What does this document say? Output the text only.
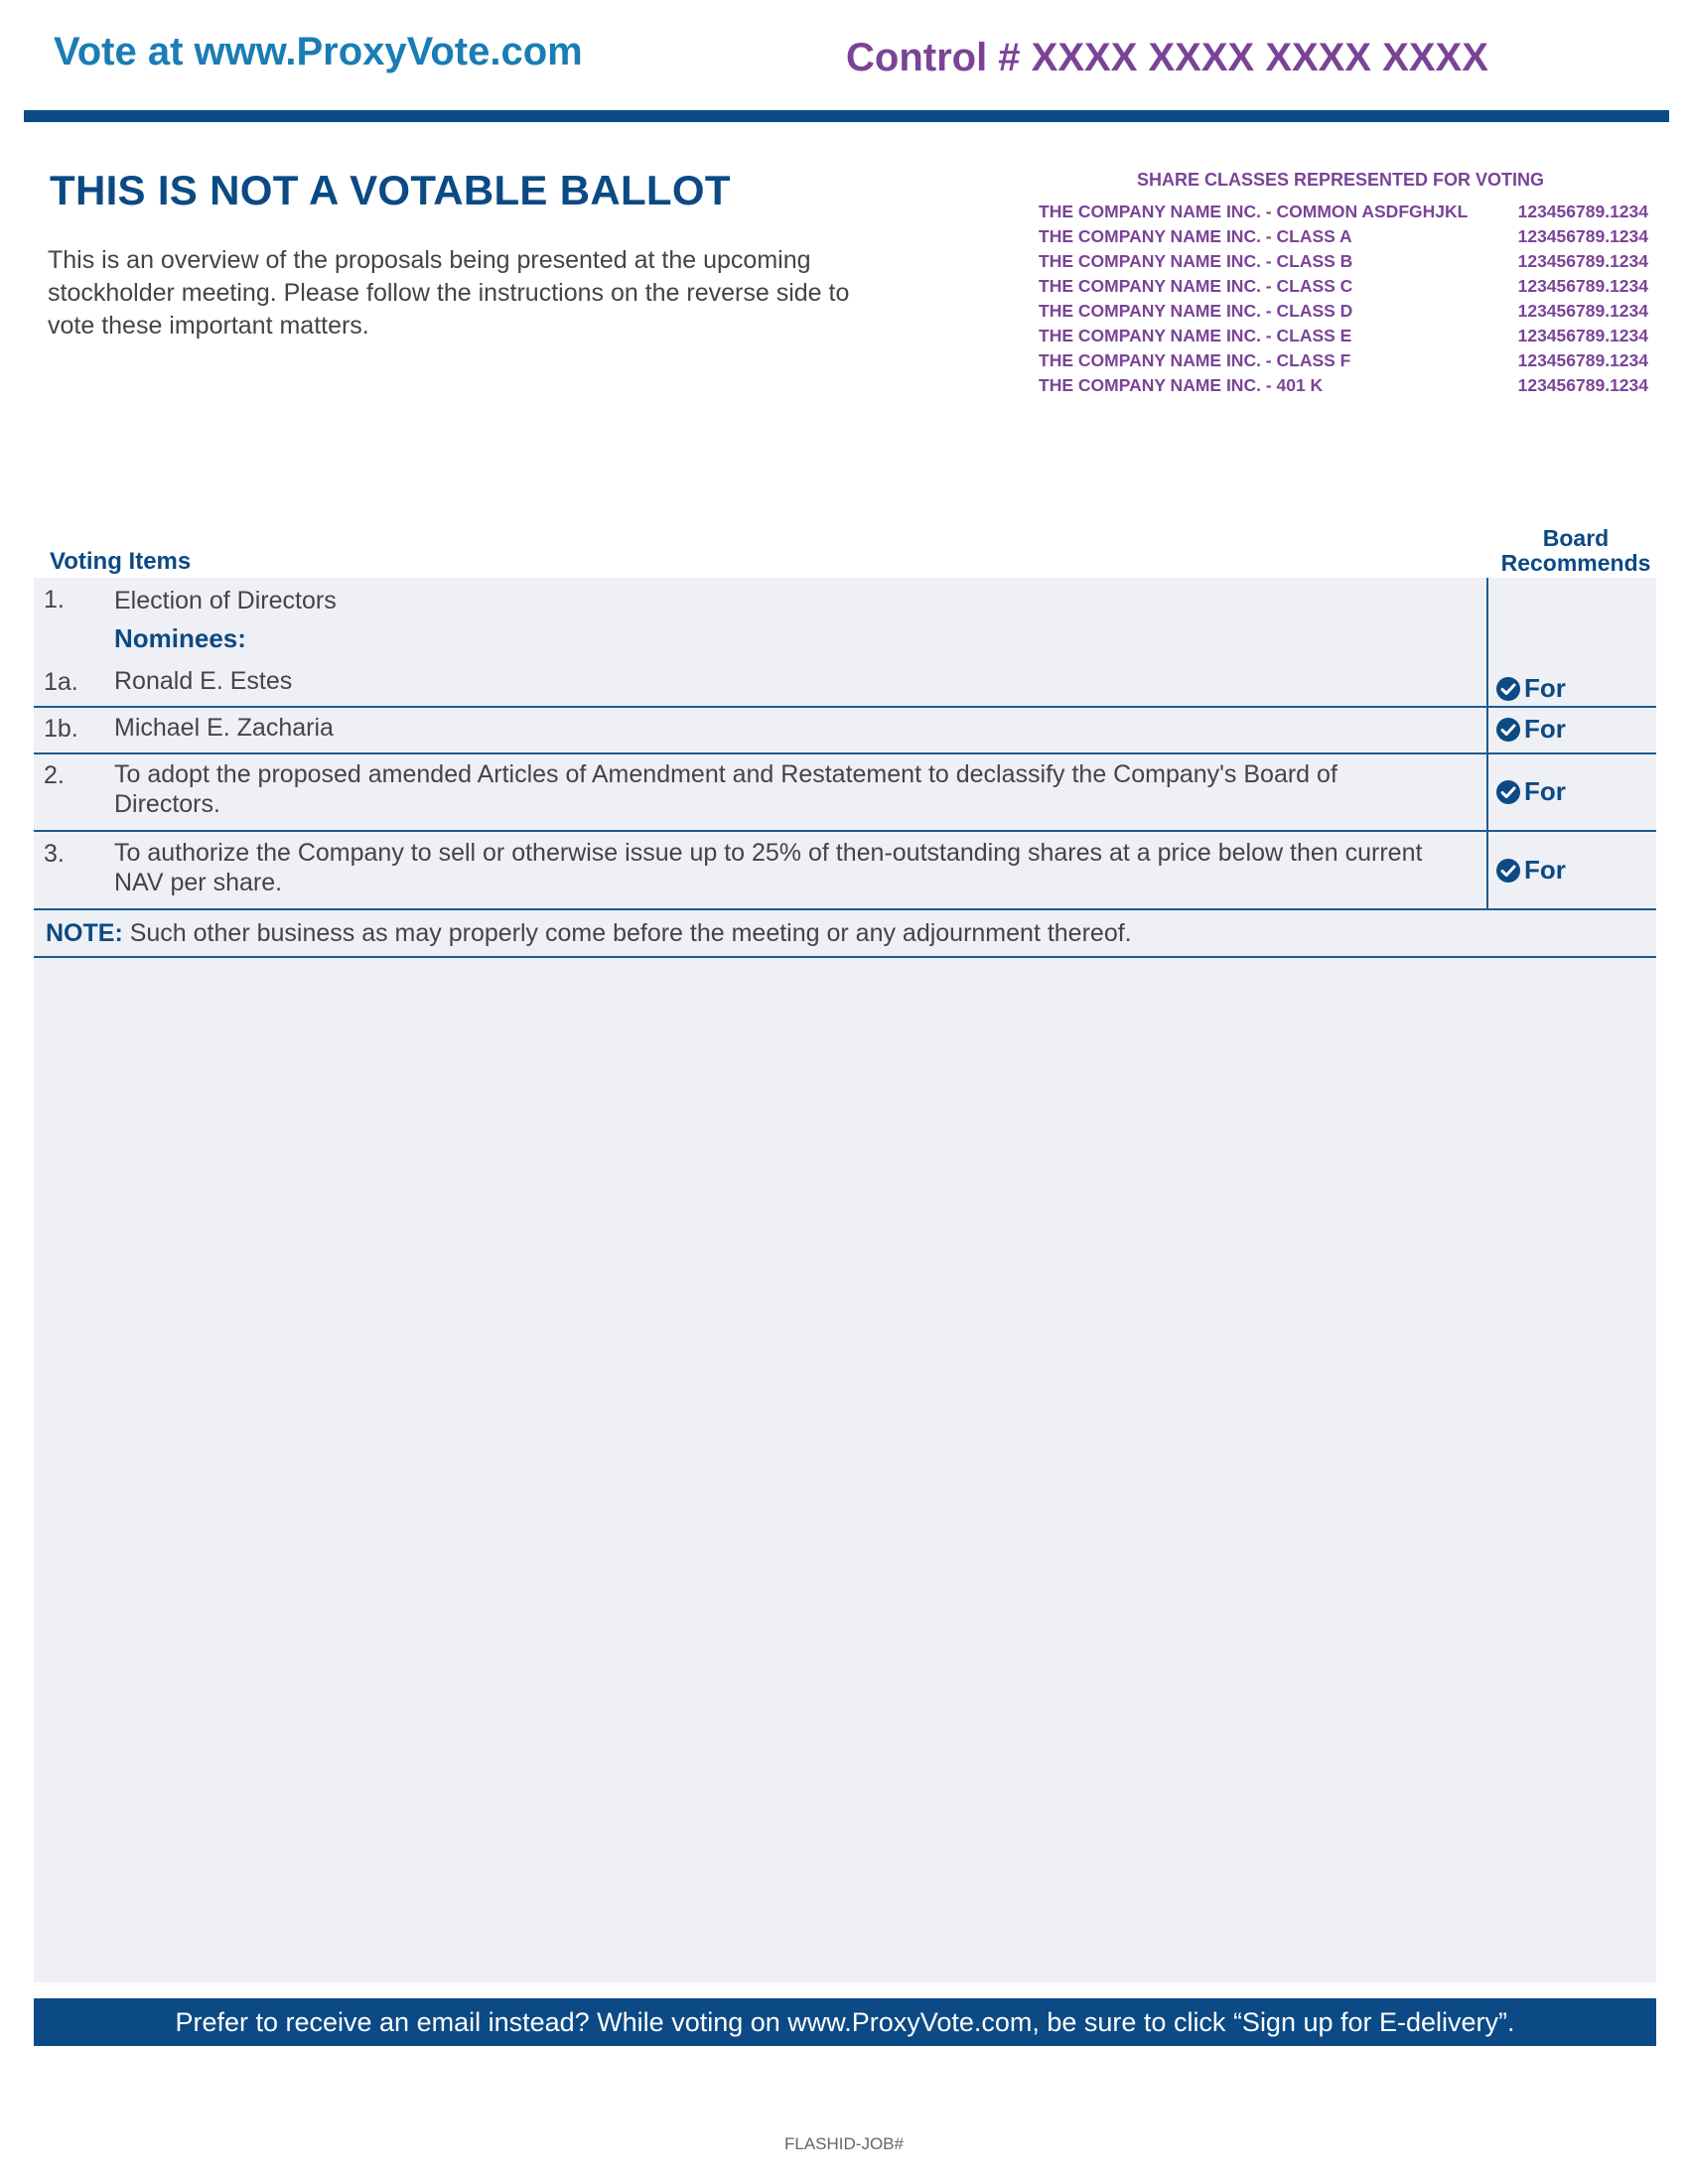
Vote at www.ProxyVote.com	Control # XXXX XXXX XXXX XXXX
THIS IS NOT A VOTABLE BALLOT
This is an overview of the proposals being presented at the upcoming stockholder meeting. Please follow the instructions on the reverse side to vote these important matters.
SHARE CLASSES REPRESENTED FOR VOTING
THE COMPANY NAME INC. - COMMON ASDFGHJKL	123456789.1234
THE COMPANY NAME INC. - CLASS A	123456789.1234
THE COMPANY NAME INC. - CLASS B	123456789.1234
THE COMPANY NAME INC. - CLASS C	123456789.1234
THE COMPANY NAME INC. - CLASS D	123456789.1234
THE COMPANY NAME INC. - CLASS E	123456789.1234
THE COMPANY NAME INC. - CLASS F	123456789.1234
THE COMPANY NAME INC. - 401 K	123456789.1234
Voting Items
Board Recommends
1. Election of Directors
Nominees:
1a. Ronald E. Estes	For
1b. Michael E. Zacharia	For
2. To adopt the proposed amended Articles of Amendment and Restatement to declassify the Company's Board of Directors.	For
3. To authorize the Company to sell or otherwise issue up to 25% of then-outstanding shares at a price below then current NAV per share.	For
NOTE: Such other business as may properly come before the meeting or any adjournment thereof.
Prefer to receive an email instead? While voting on www.ProxyVote.com, be sure to click “Sign up for E-delivery”.
FLASHID-JOB#
